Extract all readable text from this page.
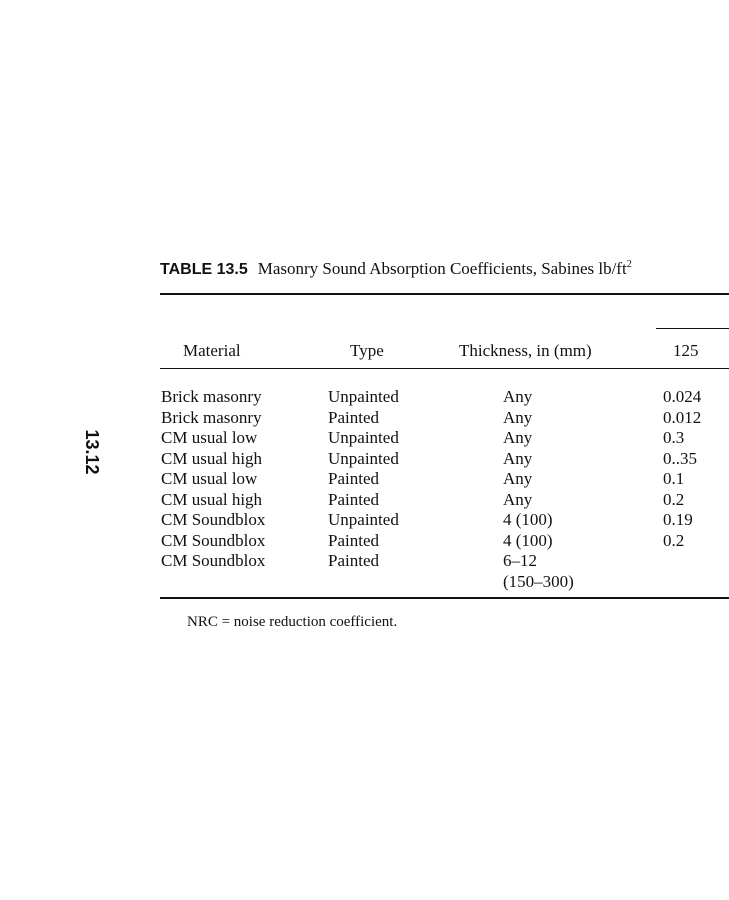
13.12
TABLE 13.5 Masonry Sound Absorption Coefficients, Sabines $lb/ft^2$
Material	Type	Thickness, in (mm)	125
Brick masonry	Unpainted	Any	0.024
Brick masonry	Painted	Any	0.012
CM usual low	Unpainted	Any	0.3
CM usual high	Unpainted	Any	0..35
CM usual low	Painted	Any	0.1
CM usual high	Painted	Any	0.2
CM Soundblox	Unpainted	4 (100)	0.19
CM Soundblox	Painted	4 (100)	0.2
CM Soundblox	Painted	6–12
(150–300)
NRC = noise reduction coefficient.
